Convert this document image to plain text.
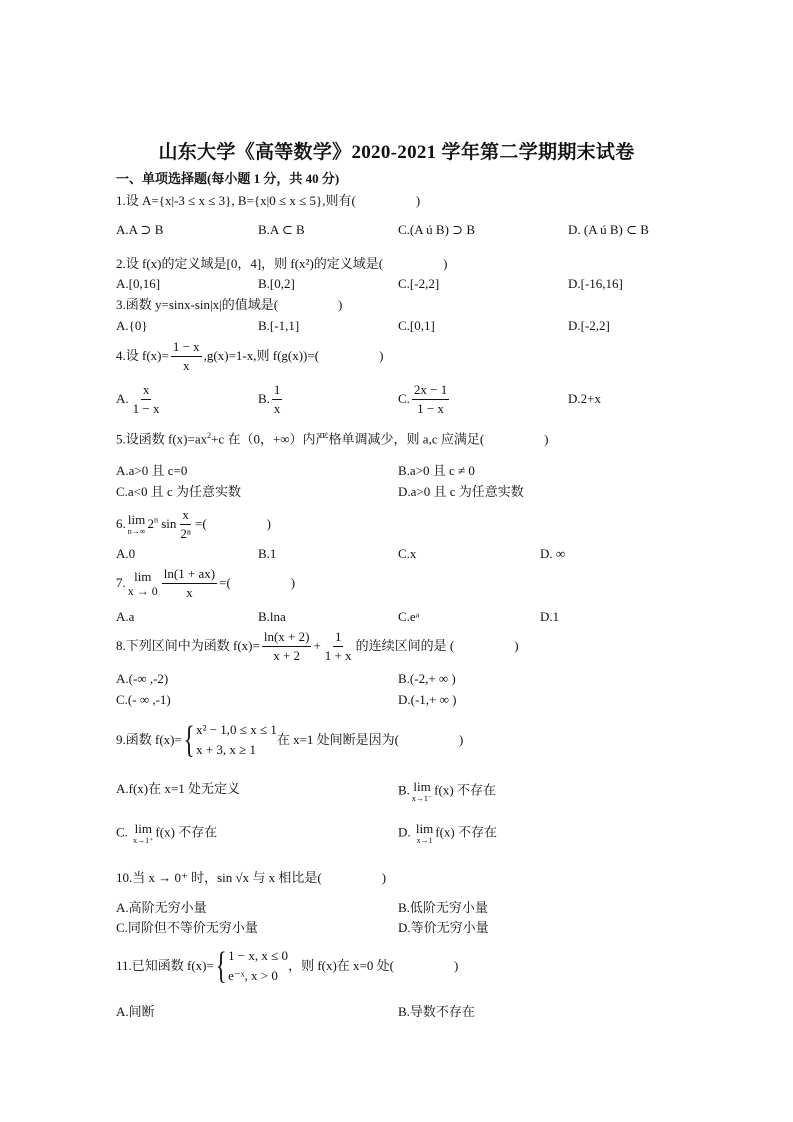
山东大学《高等数学》2020-2021 学年第二学期期末试卷
一、单项选择题(每小题 1 分，共 40 分)
1.设 A={x|-3 ≤ x ≤ 3}, B={x|0 ≤ x ≤ 5},则有(	)
A.A ⊃ B	B.A ⊂ B	C.(A ú B) ⊃ B	D. (A ú B) ⊂ B
2.设 f(x)的定义域是[0，4]，则 f(x²)的定义域是(	)
A.[0,16]	B.[0,2]	C.[-2,2]	D.[-16,16]
3.函数 y=sinx-sin|x|的值域是(	)
A.{0}	B.[-1,1]	C.[0,1]	D.[-2,2]
4.设 $f(x)= \frac{1 - x}{x} ,g(x)=1-x$,则 f(g(x))=(	)
A. $\frac{x}{1 - x}$	B. $\frac{1}{x}$	C. $\frac{2x - 1}{1 - x}$	D.2+x
5.设函数 $f(x)=ax^2+c$ 在（0，+∞）内严格单调减少，则 a,c 应满足(	)
A.a>0 且 c=0	B.a>0 且 c ≠ 0
C.a<0 且 c 为任意实数	D.a>0 且 c 为任意实数
6. lim
n→∞
2$^n$ $\sin \frac{x}{\text{2ⁿ}}$ =(	)
A.0	B.1	C.x	D. ∞
7. lim
$x \to 0 \frac{\ln(1 + ax)}{x}$ =(	)
A.a	B.lna	C.eᵃ	D.1
8.下列区间中为函数 $f(x)= \frac{\ln(x + 2)}{x + 2} + \frac{1}{1 + x}$ 的连续区间的是 (	)
A.(-∞ ,-2)	B.(-2,+ ∞ )
C.(- ∞ ,-1)	D.(-1,+ ∞ )
9.函数 f(x)= { x² − 1,0 ≤ x ≤ 1
x + 3, x ≥ 1
在 x=1 处间断是因为(	)
A.f(x)在 x=1 处无定义	B. lim
x→1⁻
f(x) 不存在
C. lim
x→1⁺
f(x) 不存在	D. lim
x→1
f(x) 不存在
10.当 x → 0⁺ 时，sin √x 与 x 相比是(	)
A.高阶无穷小量	B.低阶无穷小量
C.同阶但不等价无穷小量	D.等价无穷小量
11.已知函数 f(x)= { 1 − x, x ≤ 0
e⁻ˣ, x > 0
，则 f(x)在 x=0 处(	)
A.间断	B.导数不存在
